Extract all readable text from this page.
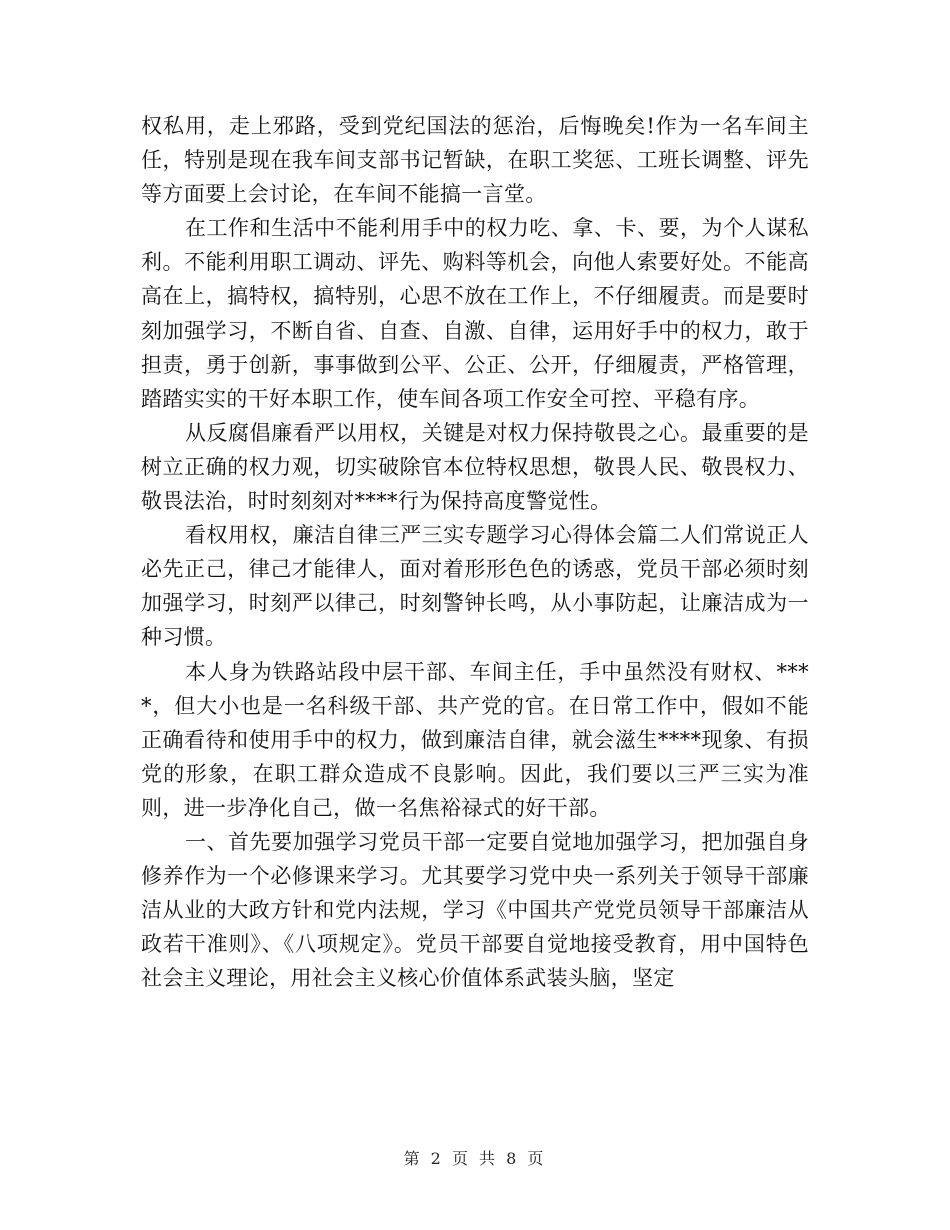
权私用，走上邪路，受到党纪国法的惩治，后悔晚矣!作为一名车间主任，特别是现在我车间支部书记暂缺，在职工奖惩、工班长调整、评先等方面要上会讨论，在车间不能搞一言堂。

在工作和生活中不能利用手中的权力吃、拿、卡、要，为个人谋私利。不能利用职工调动、评先、购料等机会，向他人索要好处。不能高高在上，搞特权，搞特别，心思不放在工作上，不仔细履责。而是要时刻加强学习，不断自省、自查、自激、自律，运用好手中的权力，敢于担责，勇于创新，事事做到公平、公正、公开，仔细履责，严格管理，踏踏实实的干好本职工作，使车间各项工作安全可控、平稳有序。

从反腐倡廉看严以用权，关键是对权力保持敬畏之心。最重要的是树立正确的权力观，切实破除官本位特权思想，敬畏人民、敬畏权力、敬畏法治，时时刻刻对****行为保持高度警觉性。

看权用权，廉洁自律三严三实专题学习心得体会篇二人们常说正人必先正己，律己才能律人，面对着形形色色的诱惑，党员干部必须时刻加强学习，时刻严以律己，时刻警钟长鸣，从小事防起，让廉洁成为一种习惯。

本人身为铁路站段中层干部、车间主任，手中虽然没有财权、****，但大小也是一名科级干部、共产党的官。在日常工作中，假如不能正确看待和使用手中的权力，做到廉洁自律，就会滋生****现象、有损党的形象，在职工群众造成不良影响。因此，我们要以三严三实为准则，进一步净化自己，做一名焦裕禄式的好干部。

一、首先要加强学习党员干部一定要自觉地加强学习，把加强自身修养作为一个必修课来学习。尤其要学习党中央一系列关于领导干部廉洁从业的大政方针和党内法规，学习《中国共产党党员领导干部廉洁从政若干准则》、《八项规定》。党员干部要自觉地接受教育，用中国特色社会主义理论，用社会主义核心价值体系武装头脑，坚定

第 2 页 共 8 页
